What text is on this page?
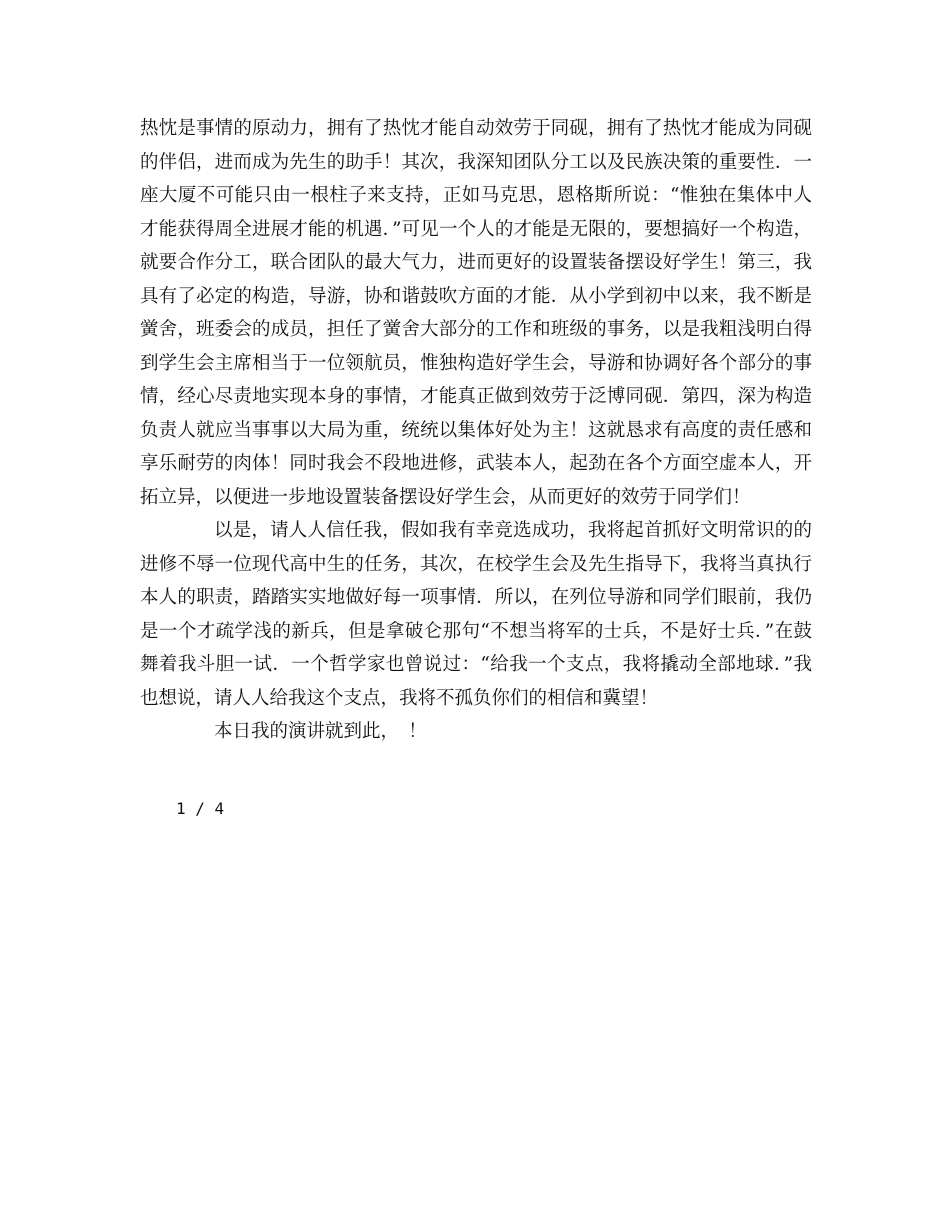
热忱是事情的原动力，拥有了热忱才能自动效劳于同砚，拥有了热忱才能成为同砚的伴侣，进而成为先生的助手！其次，我深知团队分工以及民族决策的重要性．一座大厦不可能只由一根柱子来支持，正如马克思，恩格斯所说：“惟独在集体中人才能获得周全进展才能的机遇．”可见一个人的才能是无限的，要想搞好一个构造，就要合作分工，联合团队的最大气力，进而更好的设置装备摆设好学生！第三，我具有了必定的构造，导游，协和谐鼓吹方面的才能．从小学到初中以来，我不断是黉舍，班委会的成员，担任了黉舍大部分的工作和班级的事务，以是我粗浅明白得到学生会主席相当于一位领航员，惟独构造好学生会，导游和协调好各个部分的事情，经心尽责地实现本身的事情，才能真正做到效劳于泛博同砚．第四，深为构造负责人就应当事事以大局为重，统统以集体好处为主！这就恳求有高度的责任感和享乐耐劳的肉体！同时我会不段地进修，武装本人，起劲在各个方面空虚本人，开拓立异，以便进一步地设置装备摆设好学生会，从而更好的效劳于同学们！

以是，请人人信任我，假如我有幸竞选成功，我将起首抓好文明常识的的进修不辱一位现代高中生的任务，其次，在校学生会及先生指导下，我将当真执行本人的职责，踏踏实实地做好每一项事情．所以，在列位导游和同学们眼前，我仍是一个才疏学浅的新兵，但是拿破仑那句“不想当将军的士兵，不是好士兵．”在鼓舞着我斗胆一试．一个哲学家也曾说过：“给我一个支点，我将撬动全部地球．”我也想说，请人人给我这个支点，我将不孤负你们的相信和冀望！

本日我的演讲就到此，　！

1 / 4
